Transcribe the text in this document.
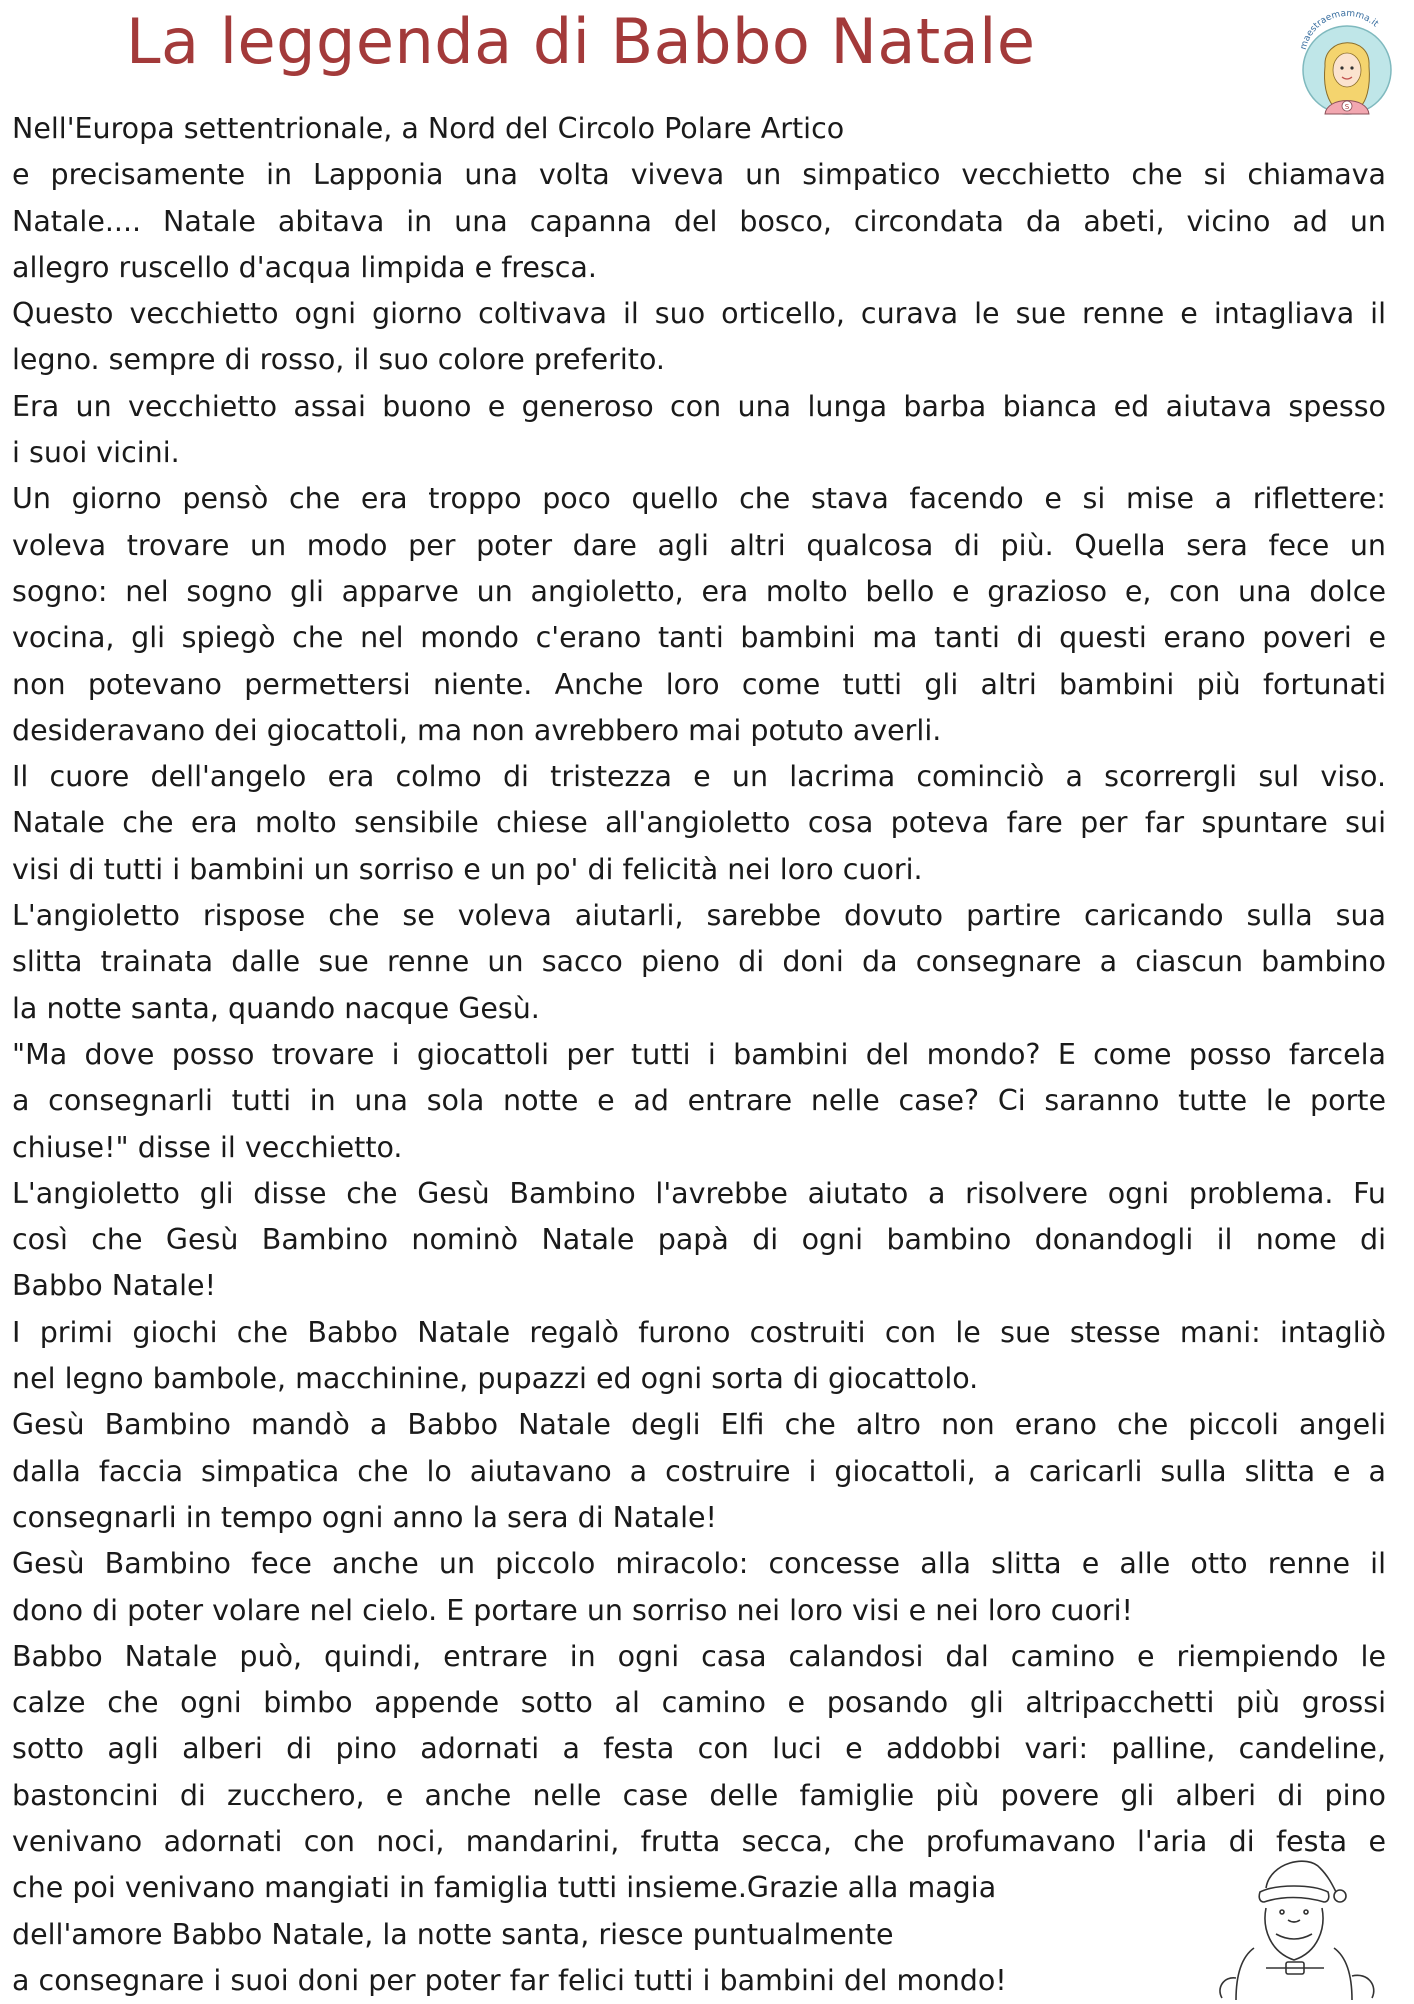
La leggenda di Babbo Natale	maestraemamma.it
S
Nell'Europa settentrionale, a Nord del Circolo Polare Artico
e precisamente in Lapponia una volta viveva un simpatico vecchietto che si chiamava
Natale.... Natale abitava in una capanna del bosco, circondata da abeti, vicino ad un
allegro ruscello d'acqua limpida e fresca.
Questo vecchietto ogni giorno coltivava il suo orticello, curava le sue renne e intagliava il
legno. sempre di rosso, il suo colore preferito.
Era un vecchietto assai buono e generoso con una lunga barba bianca ed aiutava spesso
i suoi vicini.
Un giorno pensò che era troppo poco quello che stava facendo e si mise a riflettere:
voleva trovare un modo per poter dare agli altri qualcosa di più. Quella sera fece un
sogno: nel sogno gli apparve un angioletto, era molto bello e grazioso e, con una dolce
vocina, gli spiegò che nel mondo c'erano tanti bambini ma tanti di questi erano poveri e
non potevano permettersi niente. Anche loro come tutti gli altri bambini più fortunati
desideravano dei giocattoli, ma non avrebbero mai potuto averli.
Il cuore dell'angelo era colmo di tristezza e un lacrima cominciò a scorrergli sul viso.
Natale che era molto sensibile chiese all'angioletto cosa poteva fare per far spuntare sui
visi di tutti i bambini un sorriso e un po' di felicità nei loro cuori.
L'angioletto rispose che se voleva aiutarli, sarebbe dovuto partire caricando sulla sua
slitta trainata dalle sue renne un sacco pieno di doni da consegnare a ciascun bambino
la notte santa, quando nacque Gesù.
"Ma dove posso trovare i giocattoli per tutti i bambini del mondo? E come posso farcela
a consegnarli tutti in una sola notte e ad entrare nelle case? Ci saranno tutte le porte
chiuse!" disse il vecchietto.
L'angioletto gli disse che Gesù Bambino l'avrebbe aiutato a risolvere ogni problema. Fu
così che Gesù Bambino nominò Natale papà di ogni bambino donandogli il nome di
Babbo Natale!
I primi giochi che Babbo Natale regalò furono costruiti con le sue stesse mani: intagliò
nel legno bambole, macchinine, pupazzi ed ogni sorta di giocattolo.
Gesù Bambino mandò a Babbo Natale degli Elfi che altro non erano che piccoli angeli
dalla faccia simpatica che lo aiutavano a costruire i giocattoli, a caricarli sulla slitta e a
consegnarli in tempo ogni anno la sera di Natale!
Gesù Bambino fece anche un piccolo miracolo: concesse alla slitta e alle otto renne il
dono di poter volare nel cielo. E portare un sorriso nei loro visi e nei loro cuori!
Babbo Natale può, quindi, entrare in ogni casa calandosi dal camino e riempiendo le
calze che ogni bimbo appende sotto al camino e posando gli altripacchetti più grossi
sotto agli alberi di pino adornati a festa con luci e addobbi vari: palline, candeline,
bastoncini di zucchero, e anche nelle case delle famiglie più povere gli alberi di pino
venivano adornati con noci, mandarini, frutta secca, che profumavano l'aria di festa e
che poi venivano mangiati in famiglia tutti insieme.Grazie alla magia
dell'amore Babbo Natale, la notte santa, riesce puntualmente
a consegnare i suoi doni per poter far felici tutti i bambini del mondo!
